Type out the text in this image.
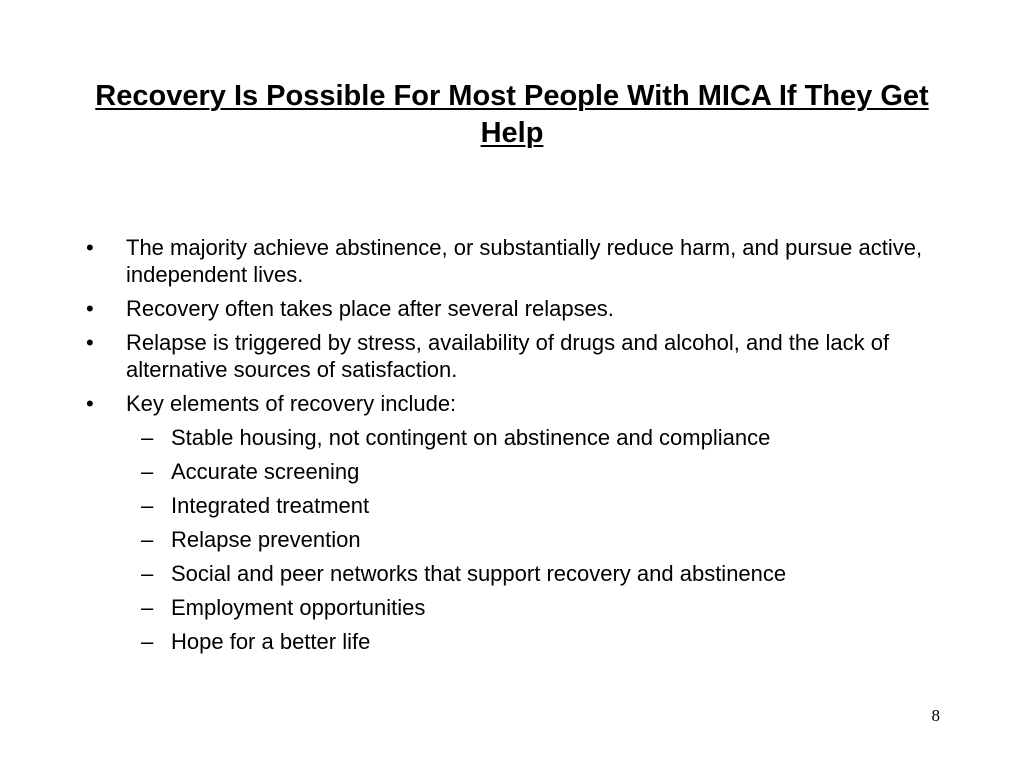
Recovery Is Possible For Most People With MICA If They Get Help
•	The majority achieve abstinence, or substantially reduce harm, and pursue active, independent lives.
•	Recovery often takes place after several relapses.
•	Relapse is triggered by stress, availability of drugs and alcohol, and the lack of alternative sources of satisfaction.
•	Key elements of recovery include:
– Stable housing, not contingent on abstinence and compliance
– Accurate screening
– Integrated treatment
– Relapse prevention
– Social and peer networks that support recovery and abstinence
– Employment opportunities
– Hope for a better life
8
